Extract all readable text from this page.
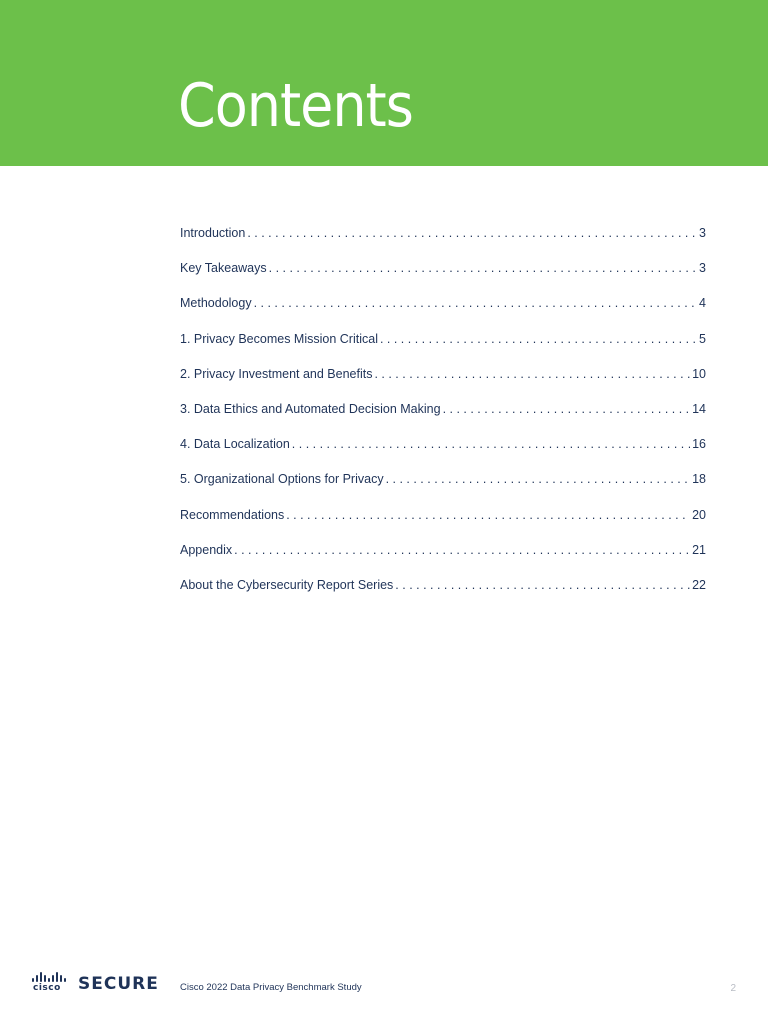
Contents
Introduction . . .	3
Key Takeaways . . .	3
Methodology . . .	4
1. Privacy Becomes Mission Critical . . .	5
2. Privacy Investment and Benefits . . .	10
3. Data Ethics and Automated Decision Making . . .	14
4. Data Localization . . .	16
5. Organizational Options for Privacy . . .	18
Recommendations . . .	20
Appendix . . .	21
About the Cybersecurity Report Series . . .	22
cisco SECURE Cisco 2022 Data Privacy Benchmark Study	2
